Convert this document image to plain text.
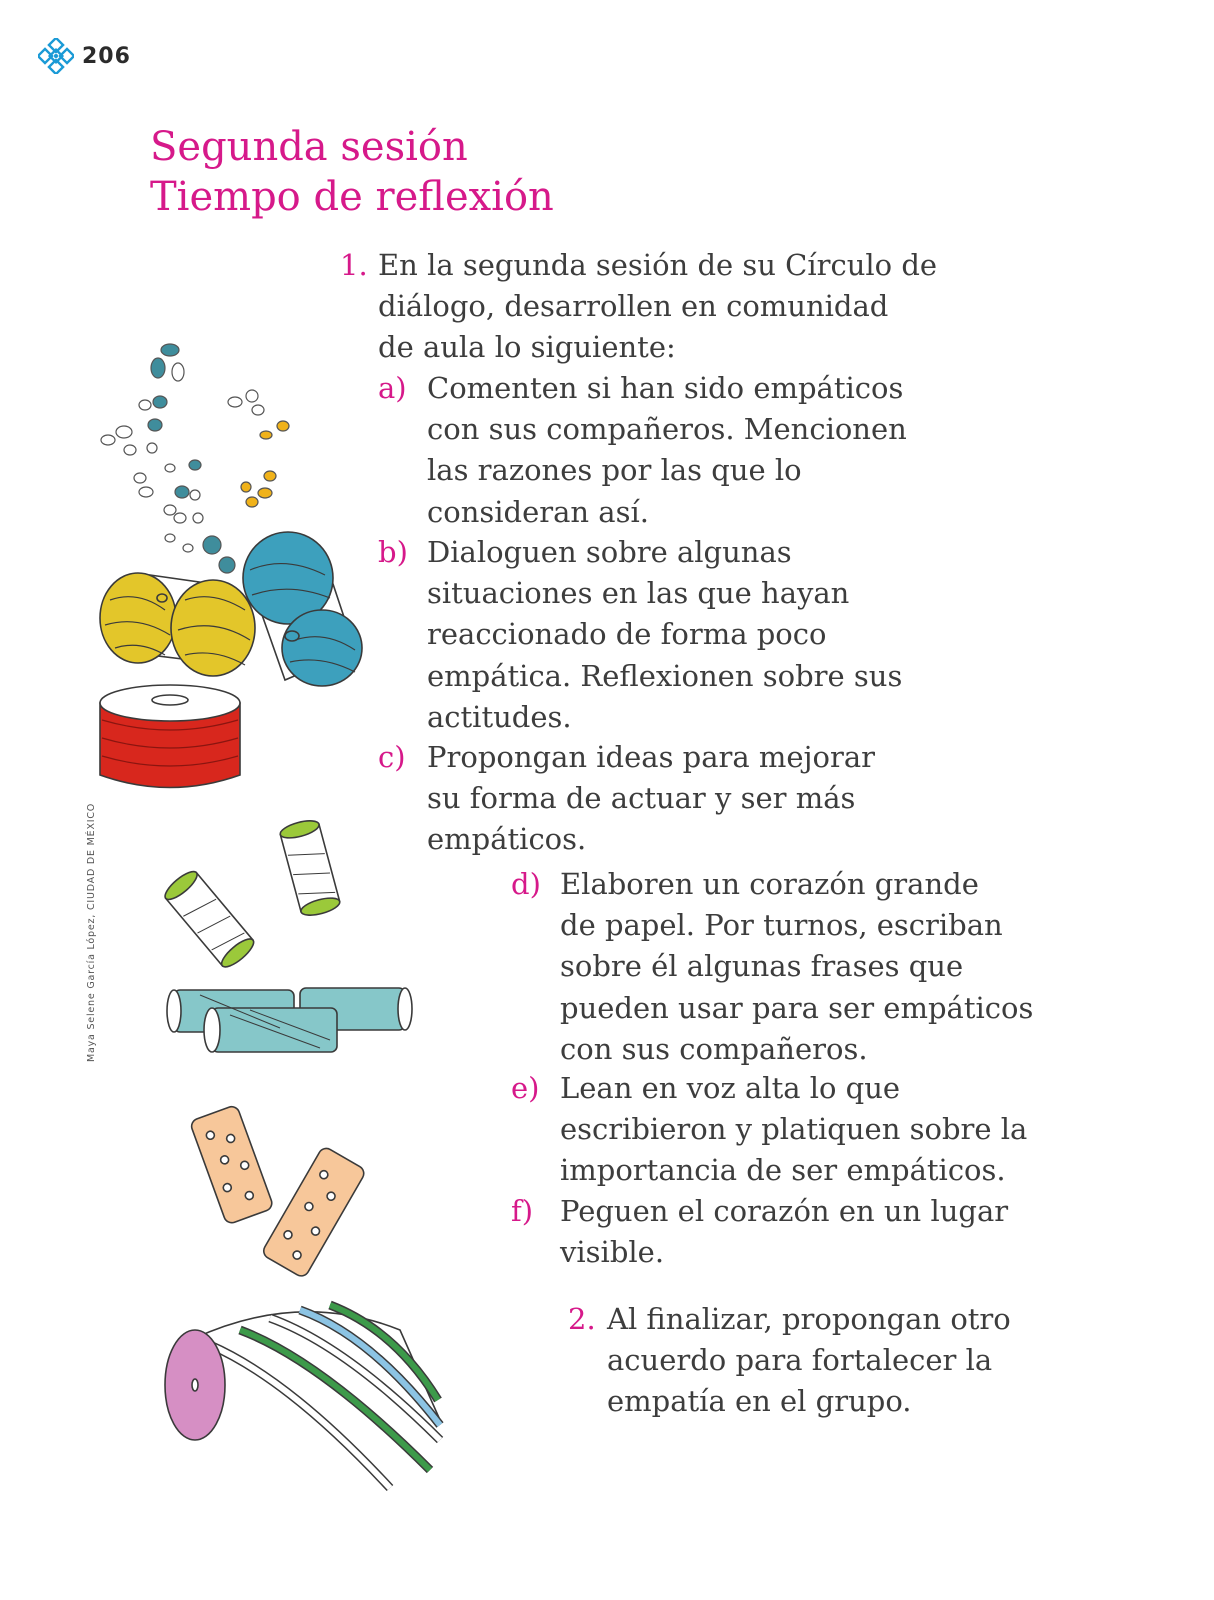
206
Segunda sesión
Tiempo de reflexión
1. En la segunda sesión de su Círculo de
diálogo, desarrollen en comunidad
de aula lo siguiente:
a) Comenten si han sido empáticos
con sus compañeros. Mencionen
las razones por las que lo
consideran así.
b) Dialoguen sobre algunas
situaciones en las que hayan
reaccionado de forma poco
empática. Reflexionen sobre sus
actitudes.
c) Propongan ideas para mejorar
su forma de actuar y ser más
empáticos.
d) Elaboren un corazón grande
de papel. Por turnos, escriban
sobre él algunas frases que
pueden usar para ser empáticos
con sus compañeros.
e) Lean en voz alta lo que
escribieron y platiquen sobre la
importancia de ser empáticos.
f) Peguen el corazón en un lugar
visible.
2. Al finalizar, propongan otro
acuerdo para fortalecer la
empatía en el grupo.
Maya Selene García López, CIUDAD DE MÉXICO
